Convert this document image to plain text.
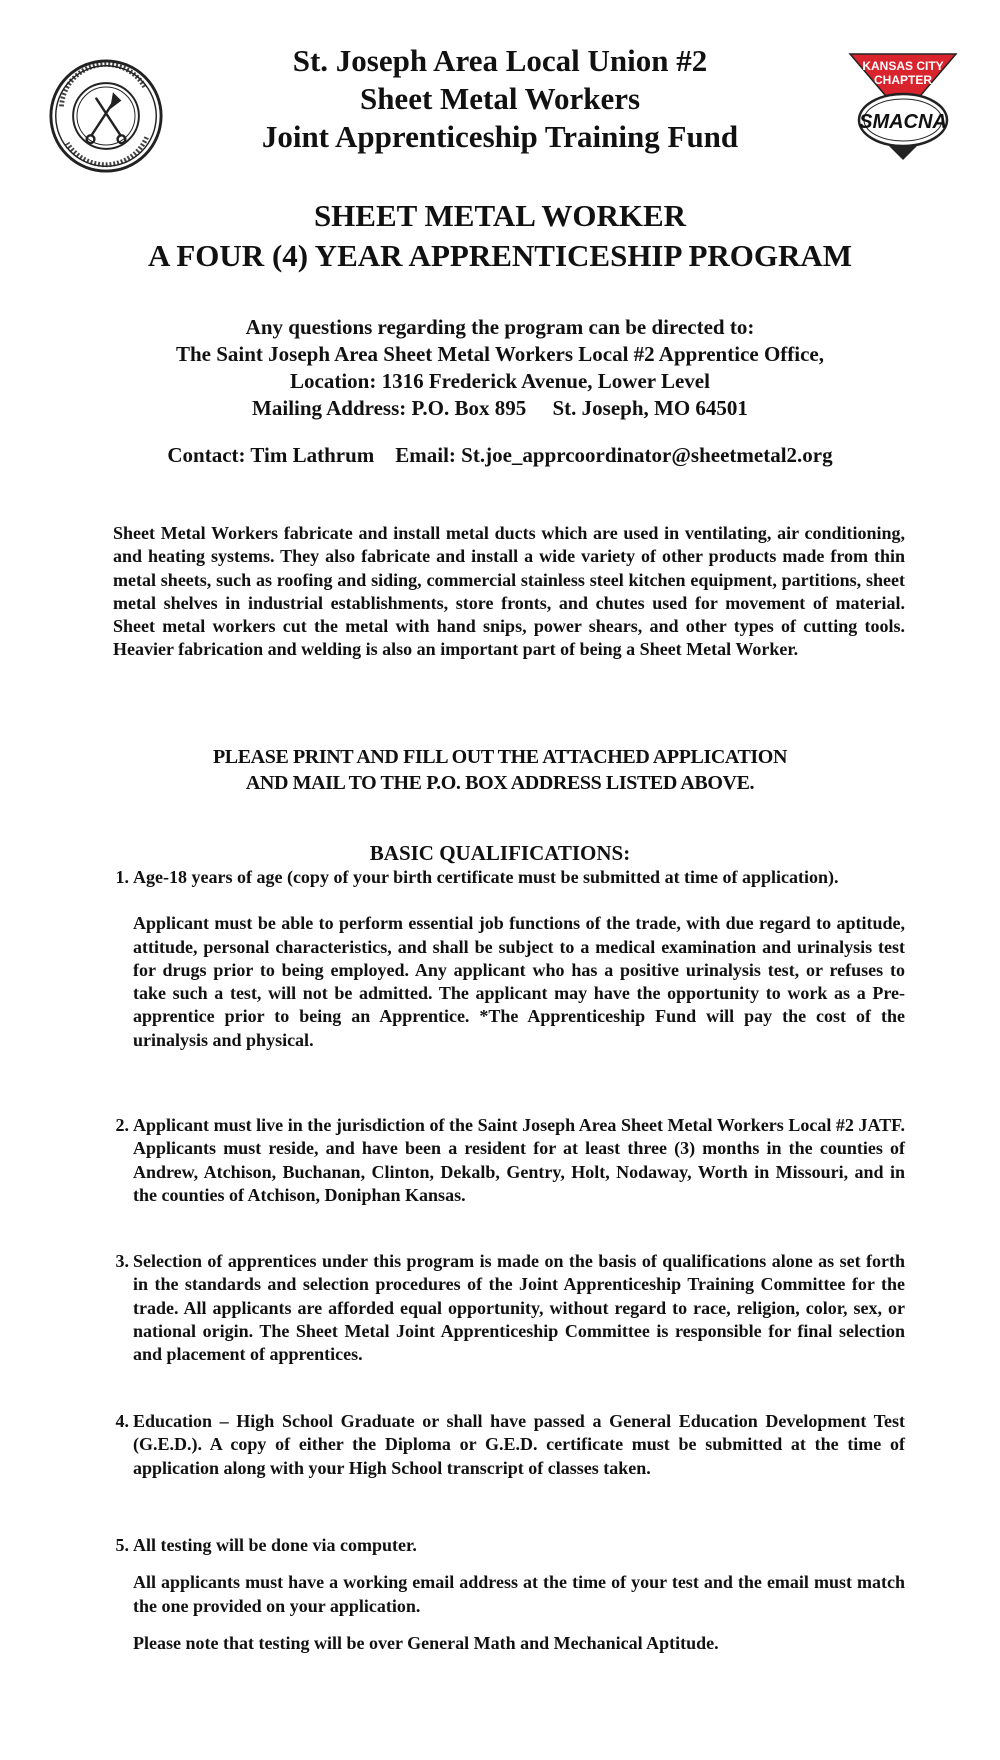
KANSAS CITY
CHAPTER
SMACNA
St. Joseph Area Local Union #2
Sheet Metal Workers
Joint Apprenticeship Training Fund
SHEET METAL WORKER
A FOUR (4) YEAR APPRENTICESHIP PROGRAM
Any questions regarding the program can be directed to:
The Saint Joseph Area Sheet Metal Workers Local #2 Apprentice Office,
Location: 1316 Frederick Avenue, Lower Level
Mailing Address: P.O. Box 895     St. Joseph, MO 64501
Contact: Tim Lathrum    Email: St.joe_apprcoordinator@sheetmetal2.org
Sheet Metal Workers fabricate and install metal ducts which are used in ventilating, air conditioning, and heating systems. They also fabricate and install a wide variety of other products made from thin metal sheets, such as roofing and siding, commercial stainless steel kitchen equipment, partitions, sheet metal shelves in industrial establishments, store fronts, and chutes used for movement of material. Sheet metal workers cut the metal with hand snips, power shears, and other types of cutting tools. Heavier fabrication and welding is also an important part of being a Sheet Metal Worker.
PLEASE PRINT AND FILL OUT THE ATTACHED APPLICATION
AND MAIL TO THE P.O. BOX ADDRESS LISTED ABOVE.
BASIC QUALIFICATIONS:
1. Age-18 years of age (copy of your birth certificate must be submitted at time of application).
Applicant must be able to perform essential job functions of the trade, with due regard to aptitude, attitude, personal characteristics, and shall be subject to a medical examination and urinalysis test for drugs prior to being employed. Any applicant who has a positive urinalysis test, or refuses to take such a test, will not be admitted. The applicant may have the opportunity to work as a Pre-apprentice prior to being an Apprentice. *The Apprenticeship Fund will pay the cost of the urinalysis and physical.
2. Applicant must live in the jurisdiction of the Saint Joseph Area Sheet Metal Workers Local #2 JATF. Applicants must reside, and have been a resident for at least three (3) months in the counties of Andrew, Atchison, Buchanan, Clinton, Dekalb, Gentry, Holt, Nodaway, Worth in Missouri, and in the counties of Atchison, Doniphan Kansas.
3. Selection of apprentices under this program is made on the basis of qualifications alone as set forth in the standards and selection procedures of the Joint Apprenticeship Training Committee for the trade. All applicants are afforded equal opportunity, without regard to race, religion, color, sex, or national origin. The Sheet Metal Joint Apprenticeship Committee is responsible for final selection and placement of apprentices.
4. Education – High School Graduate or shall have passed a General Education Development Test (G.E.D.). A copy of either the Diploma or G.E.D. certificate must be submitted at the time of application along with your High School transcript of classes taken.
5. All testing will be done via computer.
All applicants must have a working email address at the time of your test and the email must match the one provided on your application.
Please note that testing will be over General Math and Mechanical Aptitude.
